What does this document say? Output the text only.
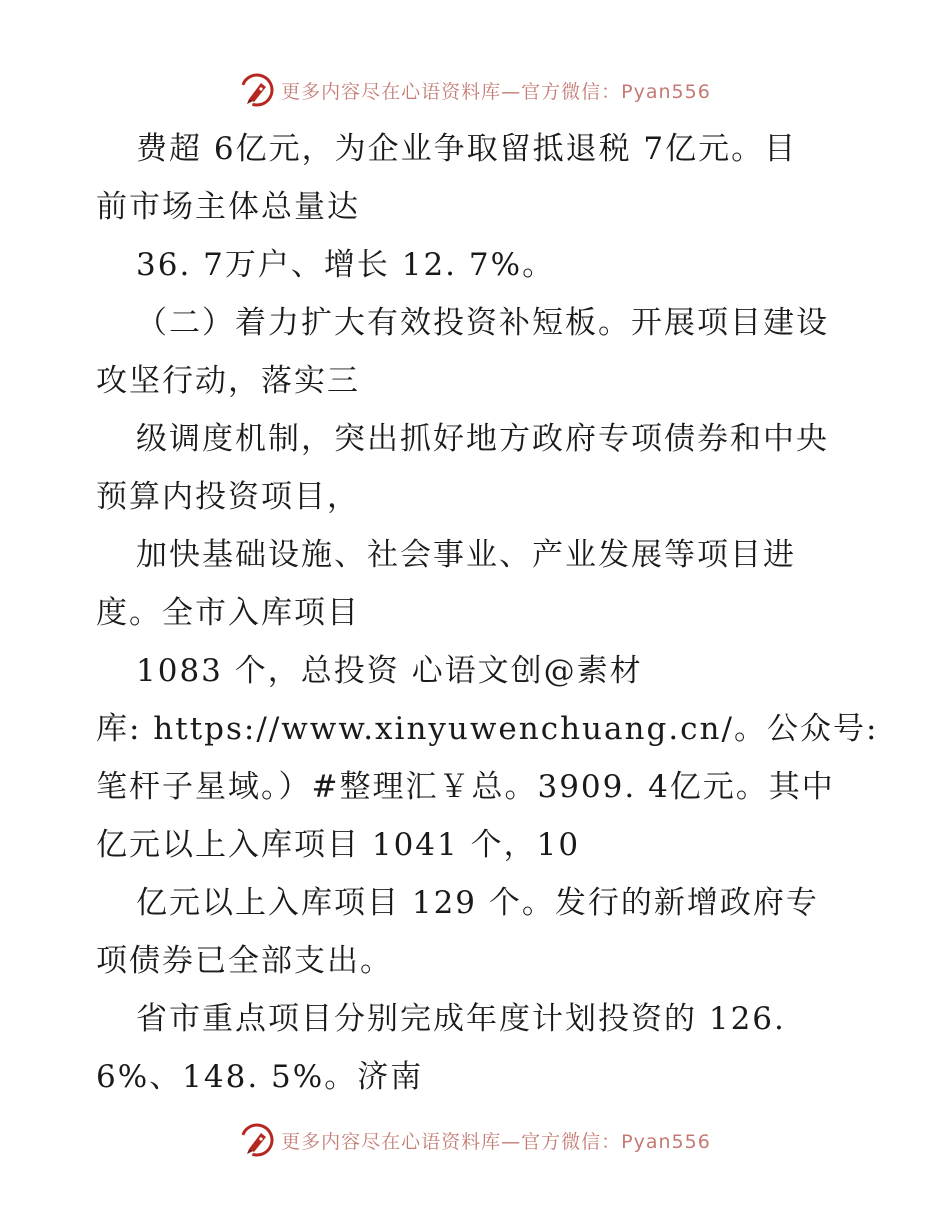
更多内容尽在心语资料库—官方微信：Pyan556
费超 6亿元，为企业争取留抵退税 7亿元。目
前市场主体总量达
36. 7万户、增长 12. 7%。
（二）着力扩大有效投资补短板。开展项目建设
攻坚行动，落实三
级调度机制，突出抓好地方政府专项债券和中央
预算内投资项目，
加快基础设施、社会事业、产业发展等项目进
度。全市入库项目
1083 个，总投资 心语文创@素材
库: https://www.xinyuwenchuang.cn/。公众号:
笔杆子星域。）#整理汇￥总。3909. 4亿元。其中
亿元以上入库项目 1041 个，10
亿元以上入库项目 129 个。发行的新增政府专
项债券已全部支出。
省市重点项目分别完成年度计划投资的 126.
6%、148. 5%。济南
更多内容尽在心语资料库—官方微信：Pyan556
